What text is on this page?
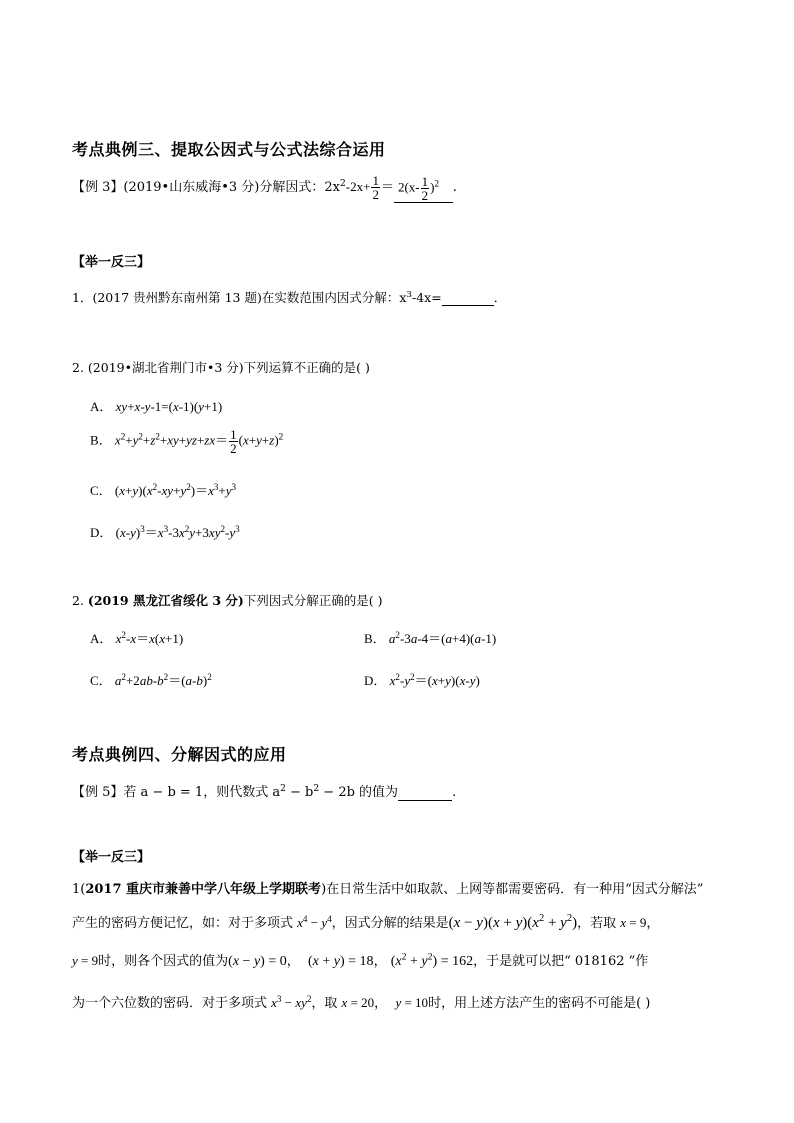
考点典例三、提取公因式与公式法综合运用
【例 3】(2019•山东威海•3 分)分解因式：$2x^2-2x+ \frac{1}{2} = 2(x- \frac{1}{2} )^2$ .
【举一反三】
1．(2017 贵州黔东南州第 13 题)在实数范围内因式分解：$x^3-4x=$	．
2. (2019•湖北省荆门市•3 分)下列运算不正确的是( )
A． xy+x-y-1=(x-1)(y+1)
B． $x^2+y^2+z^2+xy+yz+zx= \frac{1}{2} (x+y+z)^2$
C． $(x+y)(x^2-xy+y^2)=x^3+y^3$
D． $(x-y)^3=x^3-3x^2y+3xy^2-y^3$
2. (2019 黑龙江省绥化 3 分)下列因式分解正确的是( )
A． $x^2-x=x(x+1)$	B． $a^2-3a-4=(a+4)(a-1)$
C． $a^2+2ab-b^2=(a-b)^2$	D． $x^2-y^2=(x+y)(x-y)$
考点典例四、分解因式的应用
【例 5】若 a − b = 1，则代数式 $a^2 - b^2 - 2b$ 的值为	.
【举一反三】
1(2017 重庆市兼善中学八年级上学期联考)在日常生活中如取款、上网等都需要密码．有一种用“因式分解法”
产生的密码方便记忆，如：对于多项式 $x^4 - y^4$，因式分解的结果是$(x - y)(x + y)(x^2 + y^2)$，若取 x = 9，
y = 9时，则各个因式的值为(x − y) = 0，  (x + y) = 18， $(x^2 + y^2) = 162$，于是就可以把“ 018162 ”作
为一个六位数的密码．对于多项式 $x^3 - xy^2$，取 x = 20，  y = 10时，用上述方法产生的密码不可能是( )
